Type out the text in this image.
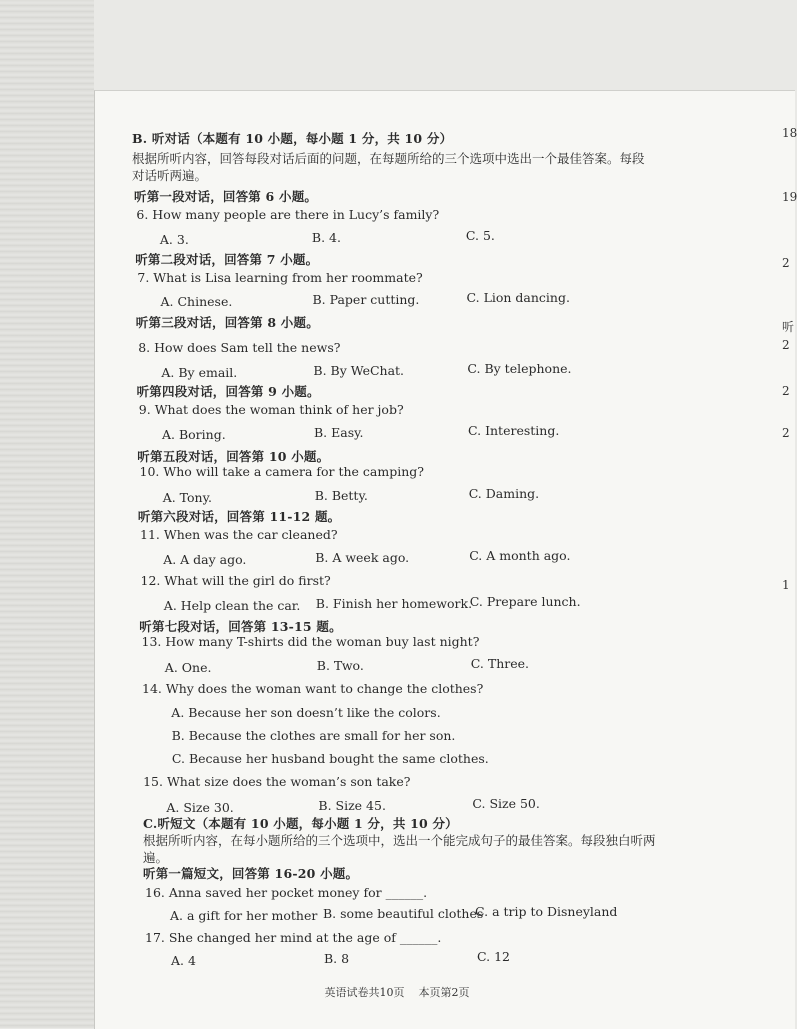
B. 听对话（本题有 10 小题，每小题 1 分，共 10 分）
根据所听内容，回答每段对话后面的问题，在每题所给的三个选项中选出一个最佳答案。每段
对话听两遍。
听第一段对话，回答第 6 小题。
6. How many people are there in Lucy’s family?
A. 3.	B. 4.	C. 5.
听第二段对话，回答第 7 小题。
7. What is Lisa learning from her roommate?
A. Chinese.	B. Paper cutting.	C. Lion dancing.
听第三段对话，回答第 8 小题。
8. How does Sam tell the news?
A. By email.	B. By WeChat.	C. By telephone.
听第四段对话，回答第 9 小题。
9. What does the woman think of her job?
A. Boring.	B. Easy.	C. Interesting.
听第五段对话，回答第 10 小题。
10. Who will take a camera for the camping?
A. Tony.	B. Betty.	C. Daming.
听第六段对话，回答第 11-12 题。
11. When was the car cleaned?
A. A day ago.	B. A week ago.	C. A month ago.
12. What will the girl do first?
A. Help clean the car. B. Finish her homework.
C. Prepare lunch.
听第七段对话，回答第 13-15 题。
13. How many T-shirts did the woman buy last night?
A. One.	B. Two.	C. Three.
14. Why does the woman want to change the clothes?
A. Because her son doesn’t like the colors.
B. Because the clothes are small for her son.
C. Because her husband bought the same clothes.
15. What size does the woman’s son take?
A. Size 30.	B. Size 45.	C. Size 50.
C.听短文（本题有 10 小题，每小题 1 分，共 10 分）
根据所听内容，在每小题所给的三个选项中，选出一个能完成句子的最佳答案。每段独白听两
遍。
听第一篇短文，回答第 16-20 小题。
16. Anna saved her pocket money for ______.
A. a gift for her mother B. some beautiful clothes
C. a trip to Disneyland
17. She changed her mind at the age of ______.
A. 4	B. 8	C. 12
18
19
2
听
2
2
2
1
英语试卷共10页    本页第2页
